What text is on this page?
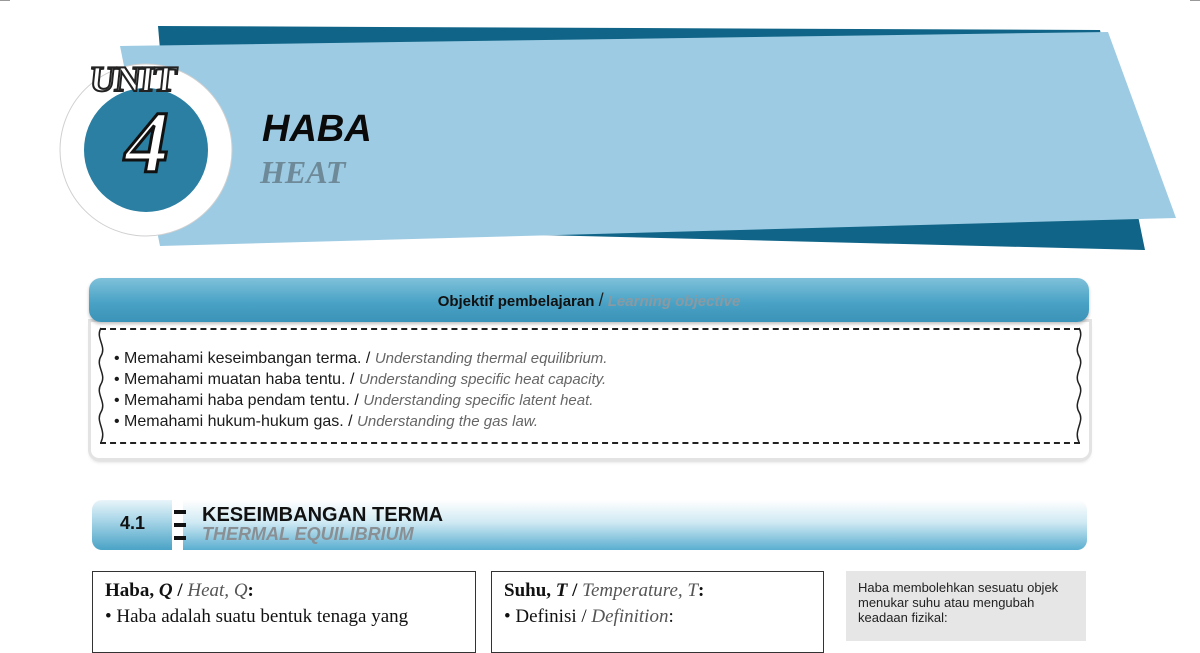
UNIT
4	HABA
HEAT
Objektif pembelajaran / Learning objective
• Memahami keseimbangan terma. / Understanding thermal equilibrium.
• Memahami muatan haba tentu. / Understanding specific heat capacity.
• Memahami haba pendam tentu. / Understanding specific latent heat.
• Memahami hukum-hukum gas. / Understanding the gas law.
4.1	KESEIMBANGAN TERMA
THERMAL EQUILIBRIUM
Haba, Q / Heat, Q:
• Haba adalah suatu bentuk tenaga yang
Suhu, T / Temperature, T:
• Definisi / Definition:

Haba membolehkan sesuatu objek menukar suhu atau mengubah keadaan fizikal:
